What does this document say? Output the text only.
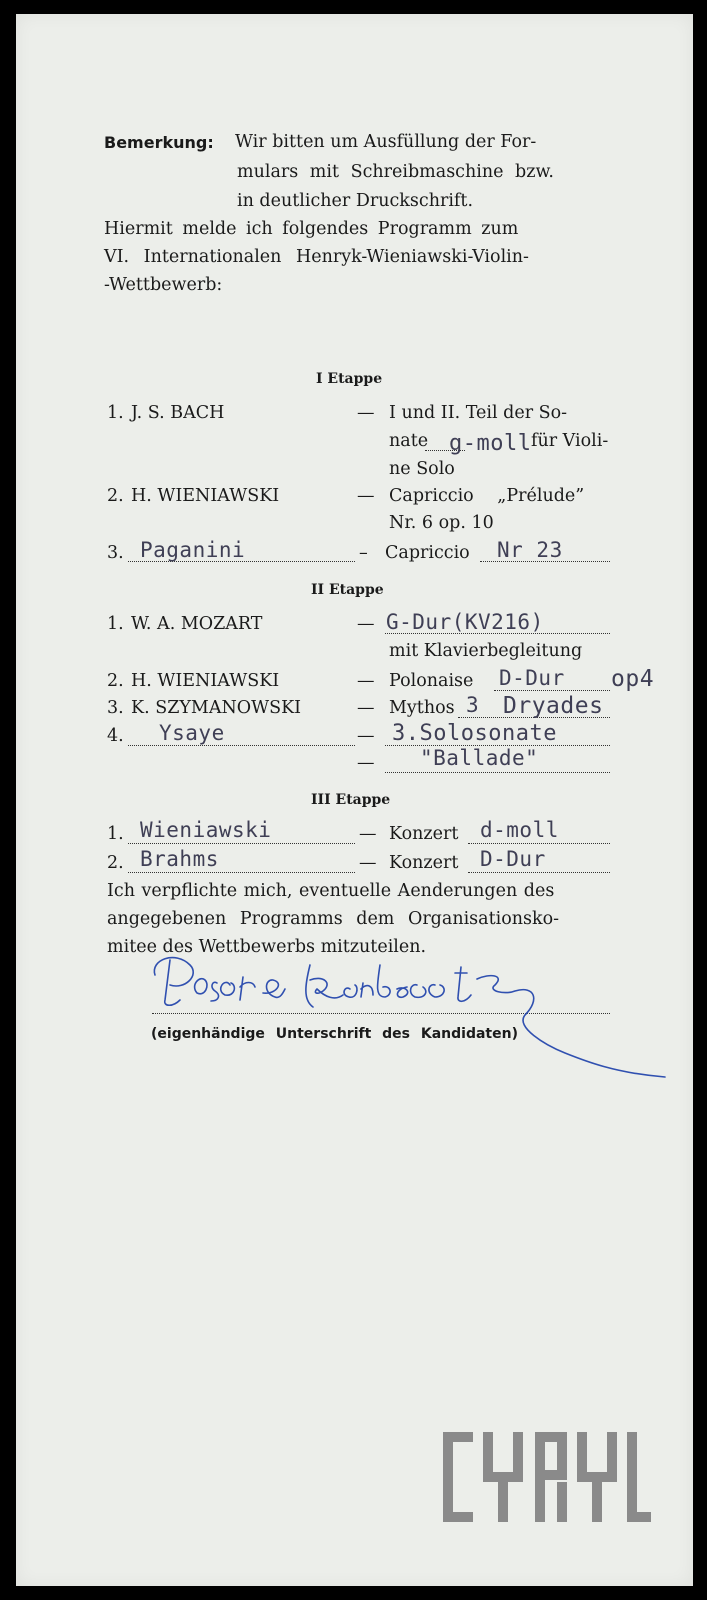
Bemerkung: Wir bitten um Ausfüllung der For-
mulars mit Schreibmaschine bzw.
in deutlicher Druckschrift.
Hiermit melde ich folgendes Programm zum
VI. Internationalen Henryk-Wieniawski-Violin-
-Wettbewerb:
I Etappe
1. J. S. BACH	— I und II. Teil der So-
nate g-moll für Violi-
ne Solo
2. H. WIENIAWSKI	— Capriccio „Prélude”
Nr. 6 op. 10
3. Paganini	– Capriccio Nr 23
II Etappe
1. W. A. MOZART	— G-Dur(KV216)
mit Klavierbegleitung
2. H. WIENIAWSKI	— Polonaise D-Dur op4
3. K. SZYMANOWSKI	— Mythos 3 Dryades
4. Ysaye	— 3.Solosonate
— "Ballade"
III Etappe
1. Wieniawski	— Konzert d-moll
2. Brahms	— Konzert D-Dur
Ich verpflichte mich, eventuelle Aenderungen des
angegebenen Programms dem Organisationsko-
mitee des Wettbewerbs mitzuteilen.
(eigenhändige Unterschrift des Kandidaten)
